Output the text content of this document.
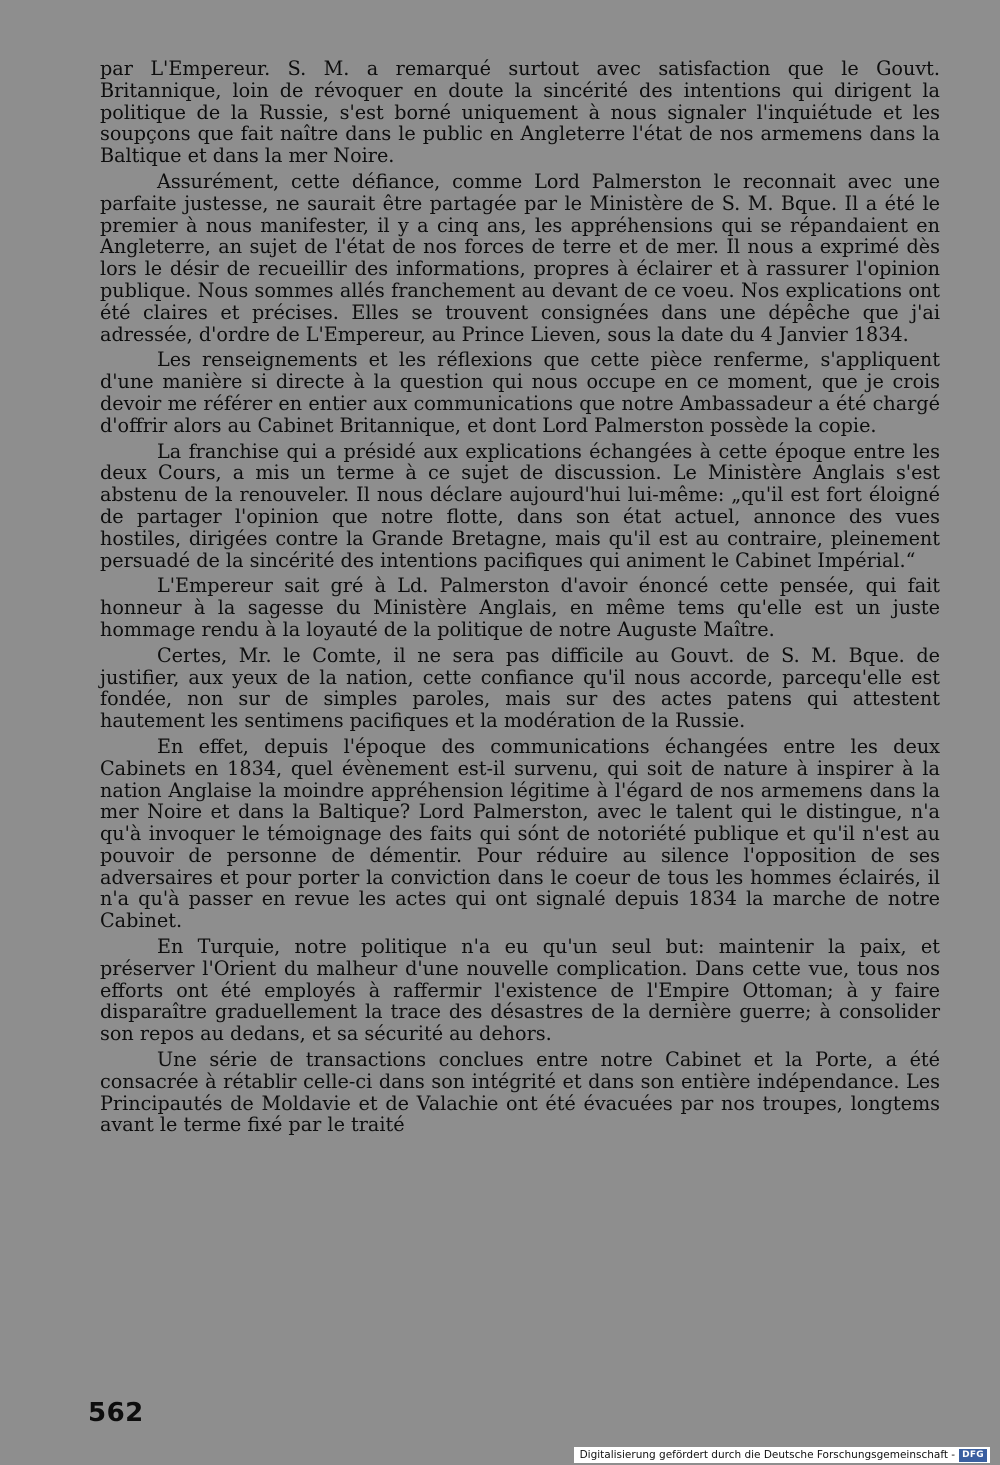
par L'Empereur. S. M. a remarqué surtout avec satisfaction que le Gouvt. Britannique, loin de révoquer en doute la sincérité des intentions qui dirigent la politique de la Russie, s'est borné uniquement à nous signaler l'inquiétude et les soupçons que fait naître dans le public en Angleterre l'état de nos armemens dans la Baltique et dans la mer Noire.

Assurément, cette défiance, comme Lord Palmerston le reconnait avec une parfaite justesse, ne saurait être partagée par le Ministère de S. M. Bque. Il a été le premier à nous manifester, il y a cinq ans, les appréhensions qui se répandaient en Angleterre, an sujet de l'état de nos forces de terre et de mer. Il nous a exprimé dès lors le désir de recueillir des informations, propres à éclairer et à rassurer l'opinion publique. Nous sommes allés franchement au devant de ce voeu. Nos explications ont été claires et précises. Elles se trouvent consignées dans une dépêche que j'ai adressée, d'ordre de L'Empereur, au Prince Lieven, sous la date du 4 Janvier 1834.

Les renseignements et les réflexions que cette pièce renferme, s'appliquent d'une manière si directe à la question qui nous occupe en ce moment, que je crois devoir me référer en entier aux communications que notre Ambassadeur a été chargé d'offrir alors au Cabinet Britannique, et dont Lord Palmerston possède la copie.

La franchise qui a présidé aux explications échangées à cette époque entre les deux Cours, a mis un terme à ce sujet de discussion. Le Ministère Anglais s'est abstenu de la renouveler. Il nous déclare aujourd'hui lui-même: „qu'il est fort éloigné de partager l'opinion que notre flotte, dans son état actuel, annonce des vues hostiles, dirigées contre la Grande Bretagne, mais qu'il est au contraire, pleinement persuadé de la sincérité des intentions pacifiques qui animent le Cabinet Impérial.“

L'Empereur sait gré à Ld. Palmerston d'avoir énoncé cette pensée, qui fait honneur à la sagesse du Ministère Anglais, en même tems qu'elle est un juste hommage rendu à la loyauté de la politique de notre Auguste Maître.

Certes, Mr. le Comte, il ne sera pas difficile au Gouvt. de S. M. Bque. de justifier, aux yeux de la nation, cette confiance qu'il nous accorde, parcequ'elle est fondée, non sur de simples paroles, mais sur des actes patens qui attestent hautement les sentimens pacifiques et la modération de la Russie.

En effet, depuis l'époque des communications échangées entre les deux Cabinets en 1834, quel évènement est-il survenu, qui soit de nature à inspirer à la nation Anglaise la moindre appréhension légitime à l'égard de nos armemens dans la mer Noire et dans la Baltique? Lord Palmerston, avec le talent qui le distingue, n'a qu'à invoquer le témoignage des faits qui sónt de notoriété publique et qu'il n'est au pouvoir de personne de démentir. Pour réduire au silence l'opposition de ses adversaires et pour porter la conviction dans le coeur de tous les hommes éclairés, il n'a qu'à passer en revue les actes qui ont signalé depuis 1834 la marche de notre Cabinet.

En Turquie, notre politique n'a eu qu'un seul but: maintenir la paix, et préserver l'Orient du malheur d'une nouvelle complication. Dans cette vue, tous nos efforts ont été employés à raffermir l'existence de l'Empire Ottoman; à y faire disparaître graduellement la trace des désastres de la dernière guerre; à consolider son repos au dedans, et sa sécurité au dehors.

Une série de transactions conclues entre notre Cabinet et la Porte, a été consacrée à rétablir celle-ci dans son intégrité et dans son entière indépendance. Les Principautés de Moldavie et de Valachie ont été évacuées par nos troupes, longtems avant le terme fixé par le traité

562
Digitalisierung gefördert durch die Deutsche Forschungsgemeinschaft - DFG
